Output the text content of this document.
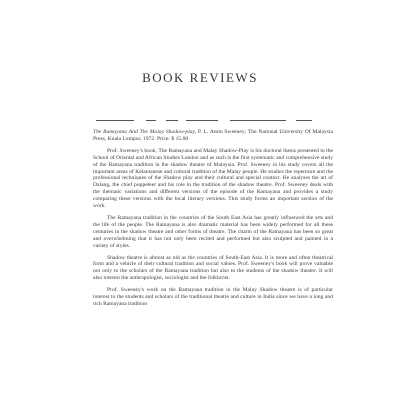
BOOK REVIEWS

The Ramayana And The Malay Shadow-play, P. L. Amin Sweeney; The National University Of Malaysia Press, Kuala Lumpur, 1972. Price: $ 15.00

Prof. Sweeney's book, The Ramayana and Malay Shadow-Play is his doctoral thesis presented to the School of Oriental and African Studies London and as such is the first systematic and comprehensive study of the Ramayana tradition in the shadow theatre of Malaysia. Prof. Sweeney in his study covers all the important areas of Kelantanese and cultural tradition of the Malay people. He studies the repertoire and the professional techniques of the Shadow play and their cultural and special context. He analyses the art of Dalang, the chief puppeteer and his role in the tradition of the shadow theatre. Prof. Sweeney deals with the thematic variations and different versions of the episode of the Ramayana and provides a study comparing these versions with the local literary versions. This study forms an important section of the work.

The Ramayana tradition in the countries of the South East Asia has greatly influenced the arts and the life of the people. The Ramayana is also dramatic material has been widely performed for all these centuries in the shadow theatre and other forms of theatre. The charm of the Ramayana has been so great and overwhelming that it has not only been recited and performed but also sculpted and painted in a variety of styles.

Shadow theatre is almost as old as the countries of South-East Asia. It is more and often theatrical form and a vehicle of their cultural tradition and social values. Prof. Sweeney's book will prove valuable not only to the scholars of the Ramayana tradition but also to the students of the shadow theatre. It will also interest the anthropologist, sociologist and the folklorist.

Prof. Sweeney's work on the Ramayana tradition in the Malay Shadow theatre is of particular interest to the students and scholars of the traditional theatre and culture in India since we have a long and rich Ramayana tradition
